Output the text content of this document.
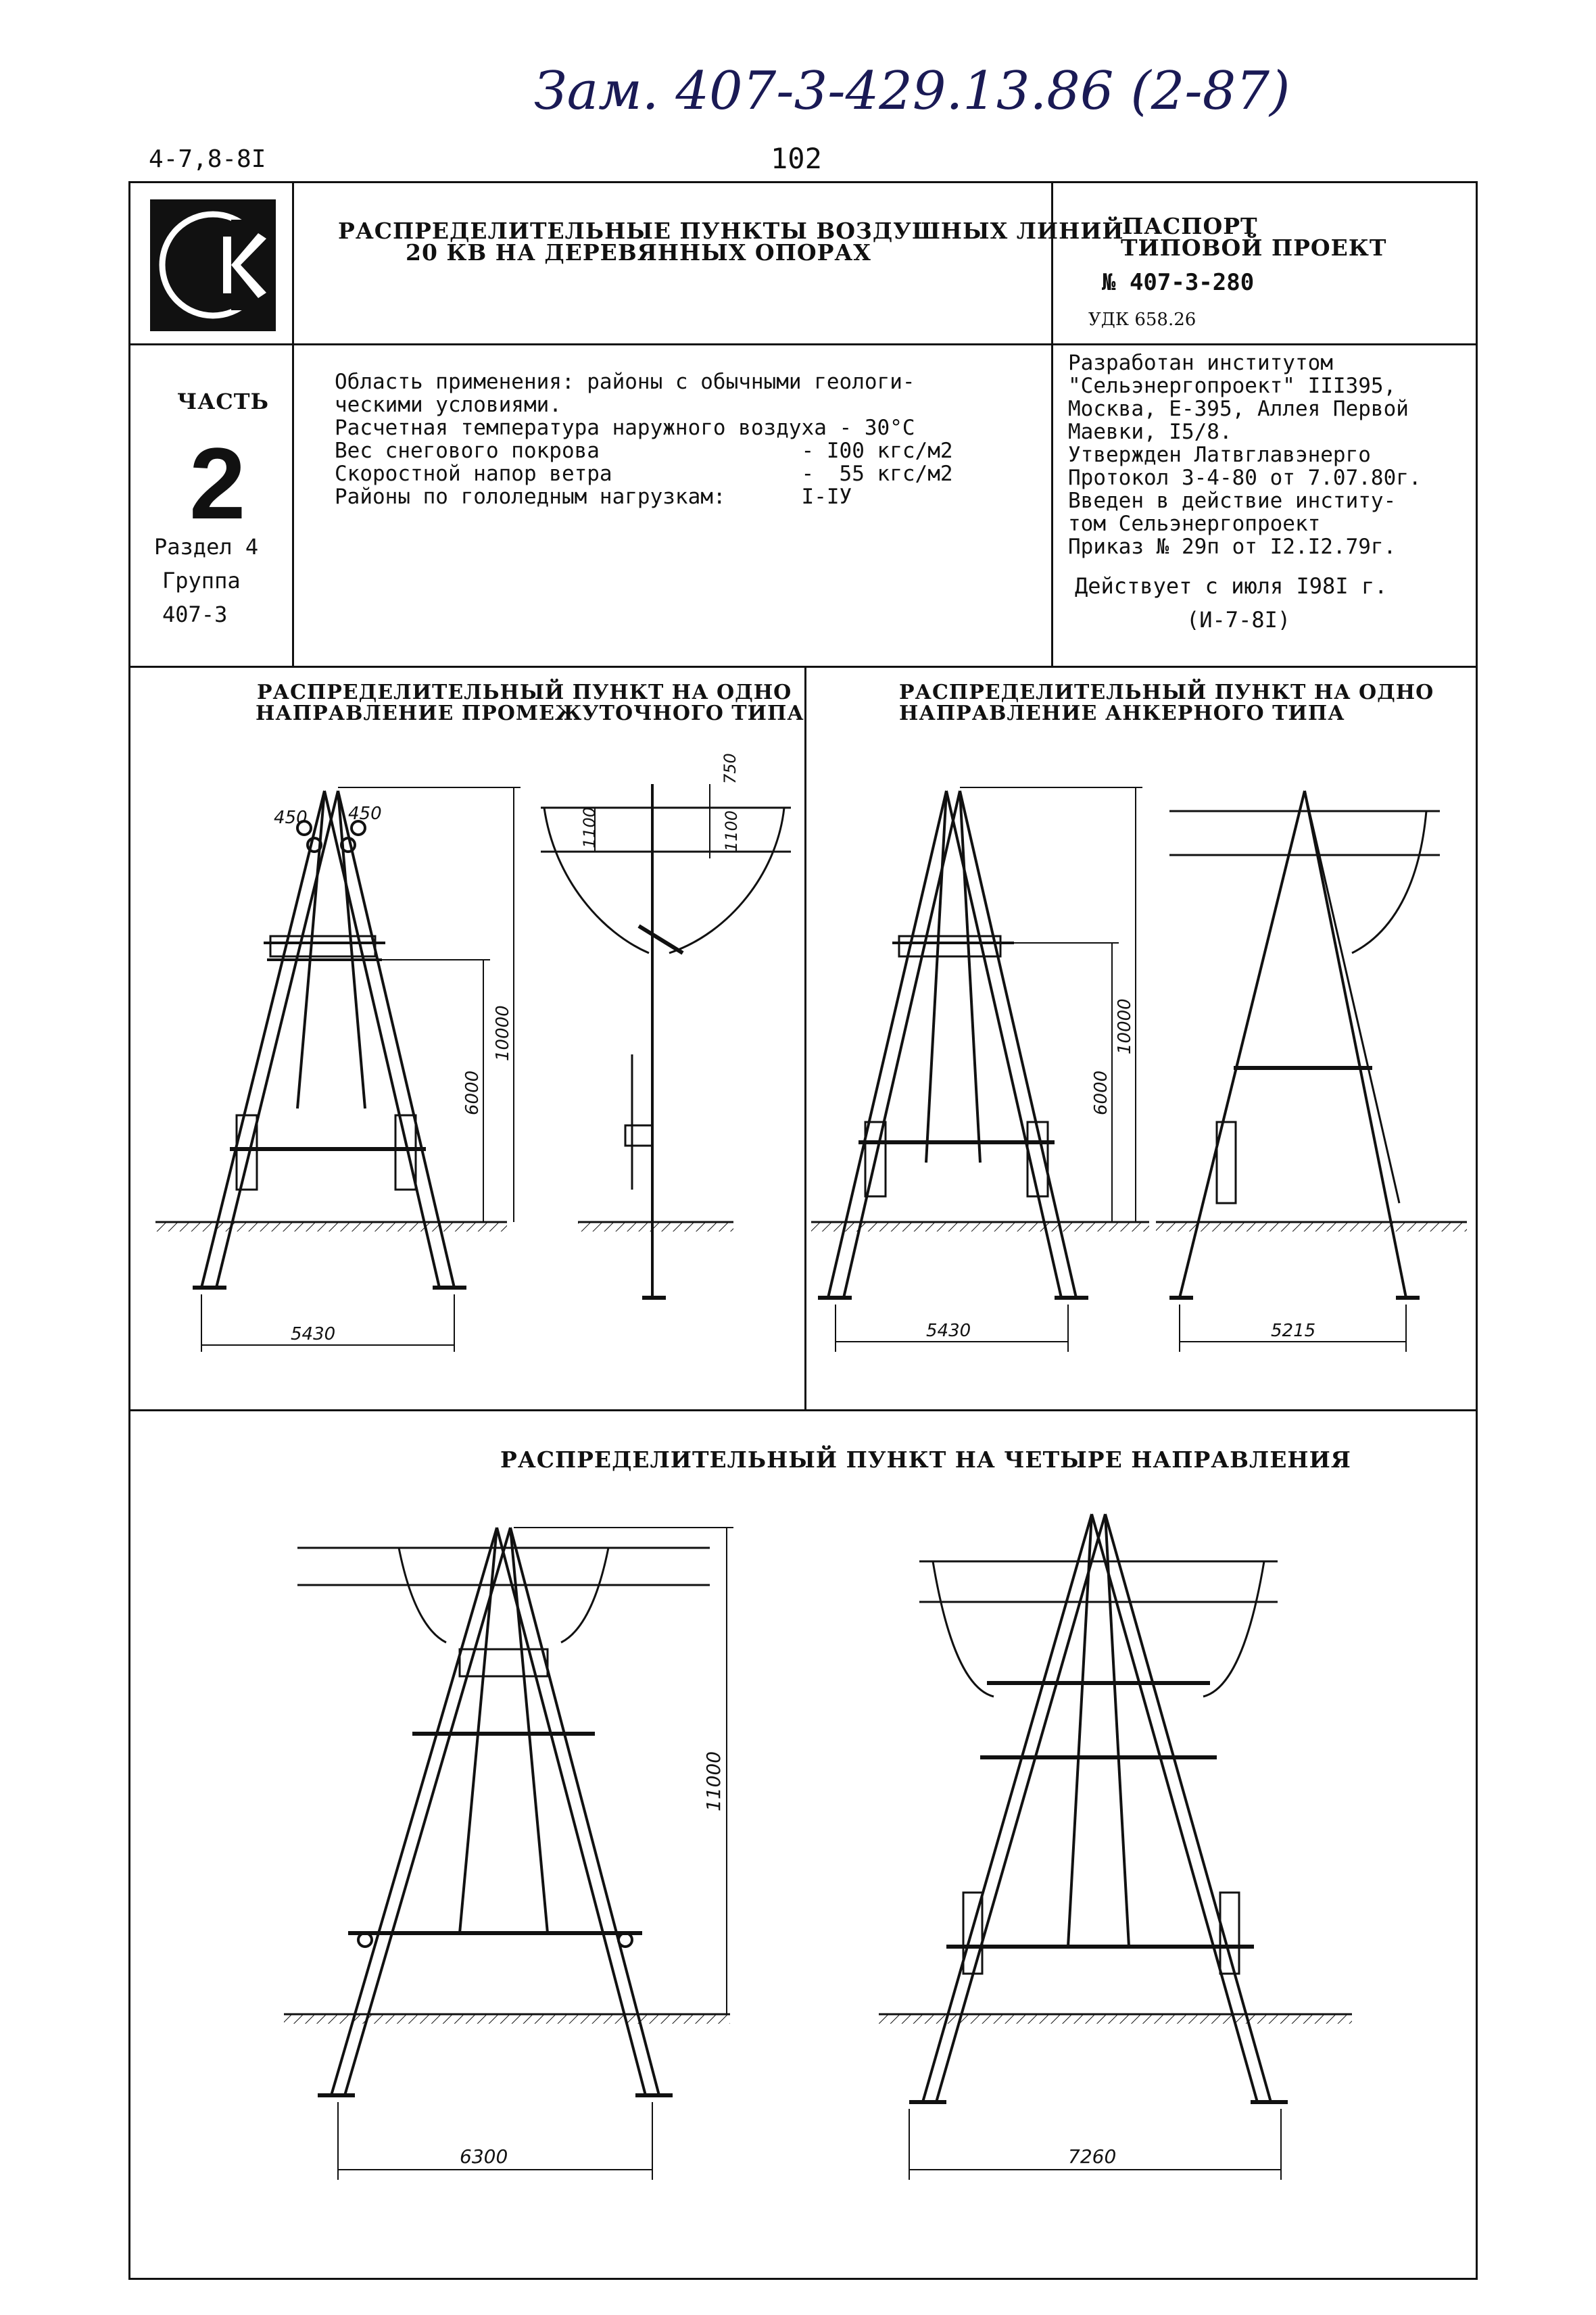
Зам. 407-3-429.13.86 (2-87)
4-7,8-8I	102
РАСПРЕДЕЛИТЕЛЬНЫЕ ПУНКТЫ ВОЗДУШНЫХ ЛИНИЙ
20 КВ НА ДЕРЕВЯННЫХ ОПОРАХ
ПАСПОРТ
ТИПОВОЙ ПРОЕКТ
№ 407-3-280
УДК 658.26
ЧАСТЬ
2
Раздел 4
Группа
407-3
Область применения: районы с обычными геологи-
ческими условиями.
Расчетная температура наружного воздуха - 30°С
Вес снегового покрова                - I00 кгс/м2
Скоростной напор ветра               -  55 кгс/м2
Районы по гололедным нагрузкам:      I-IУ
Разработан институтом
"Сельэнергопроект" III395,
Москва, Е-395, Аллея Первой
Маевки, I5/8.
Утвержден Латвглавэнерго
Протокол 3-4-80 от 7.07.80г.
Введен в действие институ-
том Сельэнергопроект
Приказ № 29п от I2.I2.79г.
Действует с июля I98I г.
(И-7-8I)
РАСПРЕДЕЛИТЕЛЬНЫЙ ПУНКТ НА ОДНО
НАПРАВЛЕНИЕ ПРОМЕЖУТОЧНОГО ТИПА
РАСПРЕДЕЛИТЕЛЬНЫЙ ПУНКТ НА ОДНО
НАПРАВЛЕНИЕ АНКЕРНОГО ТИПА
РАСПРЕДЕЛИТЕЛЬНЫЙ ПУНКТ НА ЧЕТЫРЕ НАПРАВЛЕНИЯ
450 450
10000
6000
5430
750
1100	1100
10000
6000
5430	5215
11000
6300	7260
